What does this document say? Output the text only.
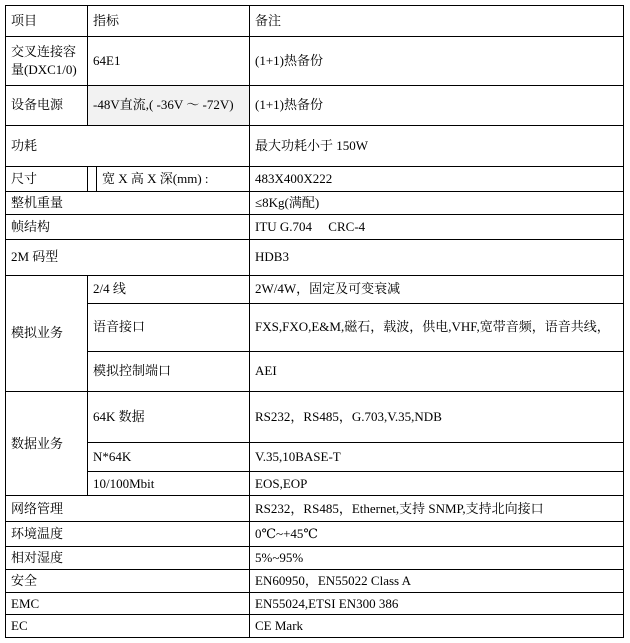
项目	指标		备注
交叉连接容量(DXC1/0)	64E1		(1+1)热备份
设备电源	-48V直流,( -36V ～ -72V)		(1+1)热备份
功耗			最大功耗小于 150W
尺寸		宽 X 高 X 深(mm) :	483X400X222
整机重量			≤8Kg(满配)
帧结构			ITU G.704     CRC-4
2M 码型			HDB3
模拟业务	2/4 线		2W/4W，固定及可变衰减
	语音接口		FXS,FXO,E&M,磁石，载波，供电,VHF,宽带音频，语音共线，
	模拟控制端口		AEI
数据业务	64K 数据		RS232，RS485，G.703,V.35,NDB
	N*64K		V.35,10BASE-T
	10/100Mbit		EOS,EOP
网络管理			RS232，RS485，Ethernet,支持 SNMP,支持北向接口
环境温度			0℃~+45℃
相对湿度			5%~95%
安全			EN60950，EN55022 Class A
EMC			EN55024,ETSI EN300 386
EC			CE Mark
